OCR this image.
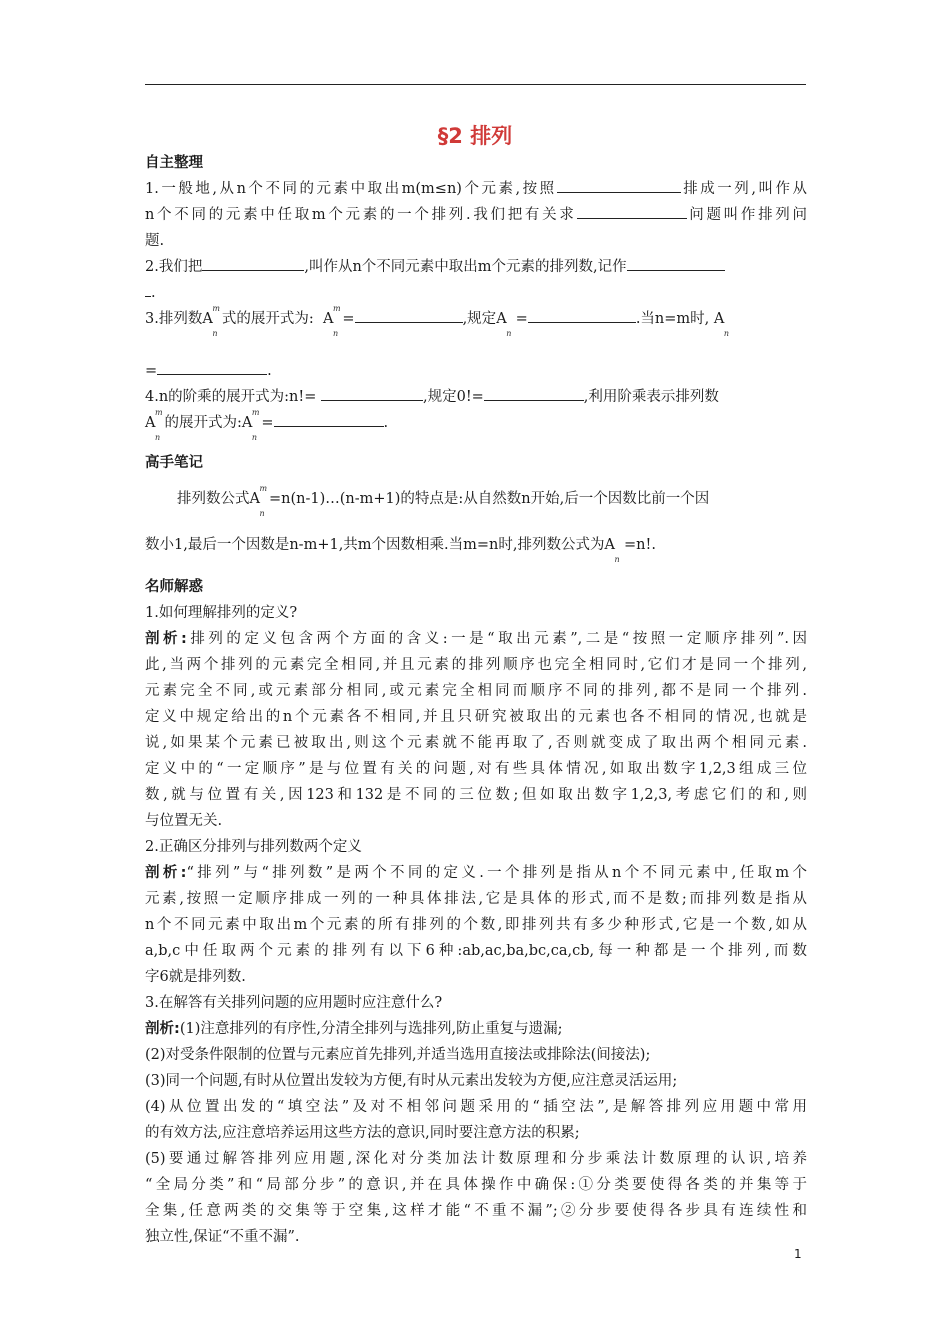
§2 排列
自主整理
1.一般地,从n个不同的元素中取出m(m≤n)个元素,按照	排成一列,叫作从
n个不同的元素中任取m个元素的一个排列.我们把有关求	问题叫作排列问
题.
2.我们把	,叫作从n个不同元素中取出m个元素的排列数,记作
.
3.排列数A
m
n
式的展开式为: A
m
n
=	,规定A
n
=	.当n=m时, A
n
=	.
4.n的阶乘的展开式为:n!=	,规定0!=	,利用阶乘表示排列数
A
m
n
的展开式为:A
m
n
=	.
高手笔记
排列数公式A
m
n
=n(n-1)…(n-m+1)的特点是:从自然数n开始,后一个因数比前一个因
数小1,最后一个因数是n-m+1,共m个因数相乘.当m=n时,排列数公式为A
n
=n!.
名师解惑
1.如何理解排列的定义?
剖析:排列的定义包含两个方面的含义:一是“取出元素”,二是“按照一定顺序排列”.因
此,当两个排列的元素完全相同,并且元素的排列顺序也完全相同时,它们才是同一个排列,
元素完全不同,或元素部分相同,或元素完全相同而顺序不同的排列,都不是同一个排列.
定义中规定给出的n个元素各不相同,并且只研究被取出的元素也各不相同的情况,也就是
说,如果某个元素已被取出,则这个元素就不能再取了,否则就变成了取出两个相同元素.
定义中的“一定顺序”是与位置有关的问题,对有些具体情况,如取出数字1,2,3组成三位
数,就与位置有关,因123和132是不同的三位数;但如取出数字1,2,3,考虑它们的和,则
与位置无关.
2.正确区分排列与排列数两个定义
剖析:“排列”与“排列数”是两个不同的定义.一个排列是指从n个不同元素中,任取m个
元素,按照一定顺序排成一列的一种具体排法,它是具体的形式,而不是数;而排列数是指从
n个不同元素中取出m个元素的所有排列的个数,即排列共有多少种形式,它是一个数,如从
a,b,c中任取两个元素的排列有以下6种:ab,ac,ba,bc,ca,cb,每一种都是一个排列,而数
字6就是排列数.
3.在解答有关排列问题的应用题时应注意什么?
剖析:(1)注意排列的有序性,分清全排列与选排列,防止重复与遗漏;
(2)对受条件限制的位置与元素应首先排列,并适当选用直接法或排除法(间接法);
(3)同一个问题,有时从位置出发较为方便,有时从元素出发较为方便,应注意灵活运用;
(4)从位置出发的“填空法”及对不相邻问题采用的“插空法”,是解答排列应用题中常用
的有效方法,应注意培养运用这些方法的意识,同时要注意方法的积累;
(5)要通过解答排列应用题,深化对分类加法计数原理和分步乘法计数原理的认识,培养
“全局分类”和“局部分步”的意识,并在具体操作中确保:①分类要使得各类的并集等于
全集,任意两类的交集等于空集,这样才能“不重不漏”;②分步要使得各步具有连续性和
独立性,保证“不重不漏”.
1
